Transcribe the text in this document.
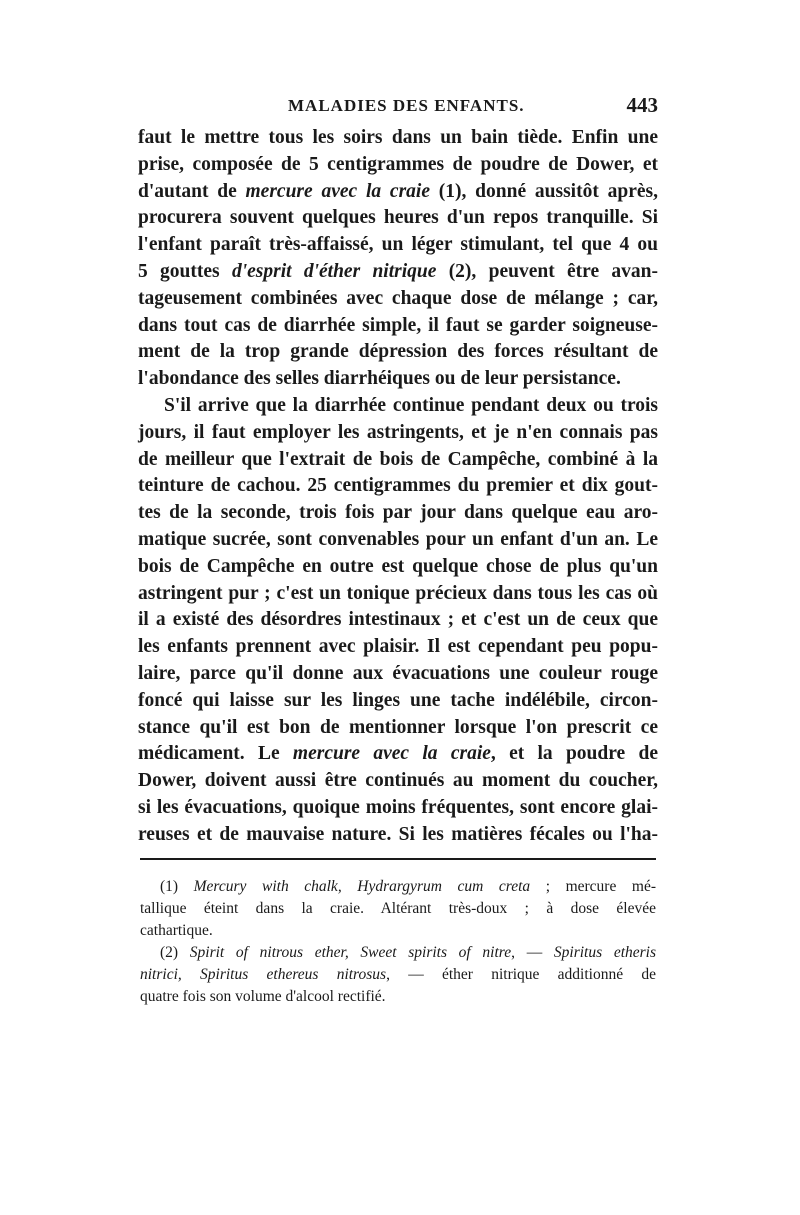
MALADIES DES ENFANTS.	443
faut le mettre tous les soirs dans un bain tiède. Enfin une
prise, composée de 5 centigrammes de poudre de Dower, et
d'autant de mercure avec la craie (1), donné aussitôt après,
procurera souvent quelques heures d'un repos tranquille. Si
l'enfant paraît très-affaissé, un léger stimulant, tel que 4 ou
5 gouttes d'esprit d'éther nitrique (2), peuvent être avan-
tageusement combinées avec chaque dose de mélange ; car,
dans tout cas de diarrhée simple, il faut se garder soigneuse-
ment de la trop grande dépression des forces résultant de
l'abondance des selles diarrhéiques ou de leur persistance.
S'il arrive que la diarrhée continue pendant deux ou trois
jours, il faut employer les astringents, et je n'en connais pas
de meilleur que l'extrait de bois de Campêche, combiné à la
teinture de cachou. 25 centigrammes du premier et dix gout-
tes de la seconde, trois fois par jour dans quelque eau aro-
matique sucrée, sont convenables pour un enfant d'un an. Le
bois de Campêche en outre est quelque chose de plus qu'un
astringent pur ; c'est un tonique précieux dans tous les cas où
il a existé des désordres intestinaux ; et c'est un de ceux que
les enfants prennent avec plaisir. Il est cependant peu popu-
laire, parce qu'il donne aux évacuations une couleur rouge
foncé qui laisse sur les linges une tache indélébile, circon-
stance qu'il est bon de mentionner lorsque l'on prescrit ce
médicament. Le mercure avec la craie, et la poudre de
Dower, doivent aussi être continués au moment du coucher,
si les évacuations, quoique moins fréquentes, sont encore glai-
reuses et de mauvaise nature. Si les matières fécales ou l'ha-
(1) Mercury with chalk, Hydrargyrum cum creta ; mercure mé-
tallique éteint dans la craie. Altérant très-doux ; à dose élevée
cathartique.
(2) Spirit of nitrous ether, Sweet spirits of nitre, — Spiritus etheris
nitrici, Spiritus ethereus nitrosus, — éther nitrique additionné de
quatre fois son volume d'alcool rectifié.
